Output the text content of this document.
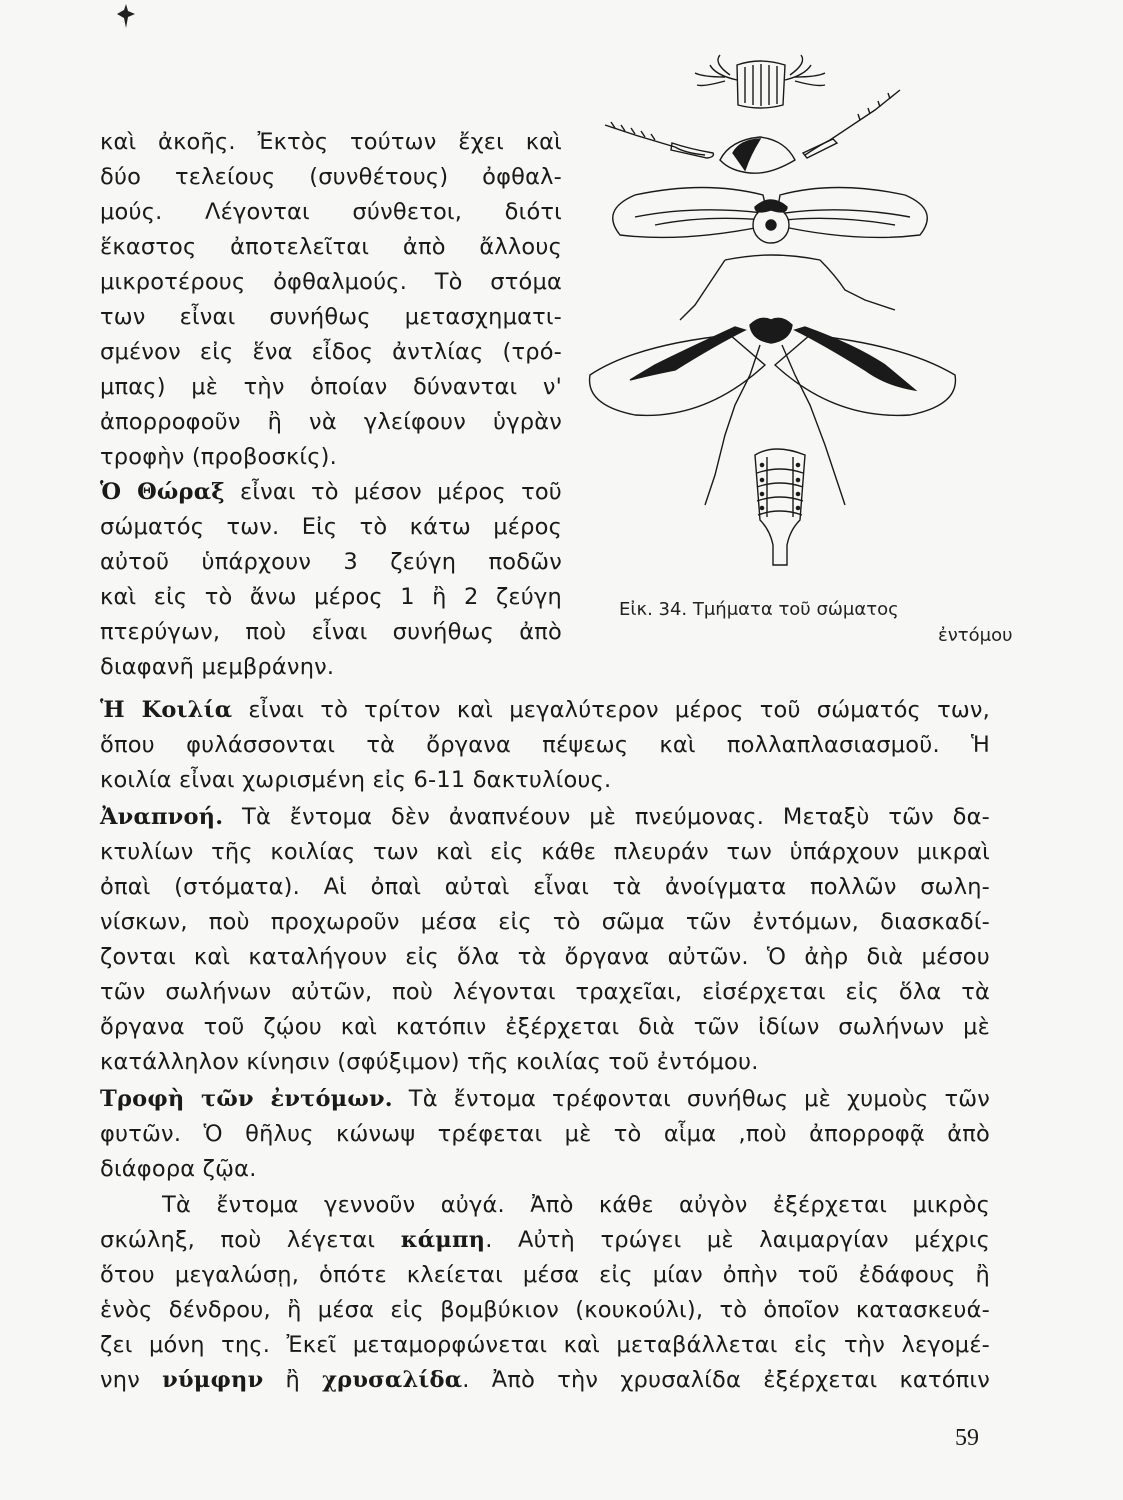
καὶ ἀκοῆς. Ἐκτὸς τούτων ἔχει καὶ
δύο τελείους (συνθέτους) ὀφθαλ-
μούς. Λέγονται σύνθετοι, διότι
ἕκαστος ἀποτελεῖται ἀπὸ ἄλλους
μικροτέρους ὀφθαλμούς. Τὸ στόμα
των εἶναι συνήθως μετασχηματι-
σμένον εἰς ἕνα εἶδος ἀντλίας (τρό-
μπας) μὲ τὴν ὁποίαν δύνανται ν'
ἀπορροφοῦν ἢ νὰ γλείφουν ὑγρὰν
τροφὴν (προβοσκίς).
Ὁ Θώραξ εἶναι τὸ μέσον μέρος τοῦ
σώματός των. Εἰς τὸ κάτω μέρος
αὐτοῦ ὑπάρχουν 3 ζεύγη ποδῶν
καὶ εἰς τὸ ἄνω μέρος 1 ἢ 2 ζεύγη
πτερύγων, ποὺ εἶναι συνήθως ἀπὸ
διαφανῆ μεμβράνην.
Εἰκ. 34. Τμήματα τοῦ σώματος
ἐντόμου
Ἡ Κοιλία εἶναι τὸ τρίτον καὶ μεγαλύτερον μέρος τοῦ σώματός των,
ὅπου φυλάσσονται τὰ ὄργανα πέψεως καὶ πολλαπλασιασμοῦ. Ἡ
κοιλία εἶναι χωρισμένη εἰς 6-11 δακτυλίους.
Ἀναπνοή. Τὰ ἔντομα δὲν ἀναπνέουν μὲ πνεύμονας. Μεταξὺ τῶν δα-
κτυλίων τῆς κοιλίας των καὶ εἰς κάθε πλευράν των ὑπάρχουν μικραὶ
ὀπαὶ (στόματα). Αἱ ὀπαὶ αὐταὶ εἶναι τὰ ἀνοίγματα πολλῶν σωλη-
νίσκων, ποὺ προχωροῦν μέσα εἰς τὸ σῶμα τῶν ἐντόμων, διασκαδί-
ζονται καὶ καταλήγουν εἰς ὅλα τὰ ὄργανα αὐτῶν. Ὁ ἀὴρ διὰ μέσου
τῶν σωλήνων αὐτῶν, ποὺ λέγονται τραχεῖαι, εἰσέρχεται εἰς ὅλα τὰ
ὄργανα τοῦ ζῴου καὶ κατόπιν ἐξέρχεται διὰ τῶν ἰδίων σωλήνων μὲ
κατάλληλον κίνησιν (σφύξιμον) τῆς κοιλίας τοῦ ἐντόμου.
Τροφὴ τῶν ἐντόμων. Τὰ ἔντομα τρέφονται συνήθως μὲ χυμοὺς τῶν
φυτῶν. Ὁ θῆλυς κώνωψ τρέφεται μὲ τὸ αἷμα ,ποὺ ἀπορροφᾷ ἀπὸ
διάφορα ζῷα.
Τὰ ἔντομα γεννοῦν αὐγά. Ἀπὸ κάθε αὐγὸν ἐξέρχεται μικρὸς
σκώληξ, ποὺ λέγεται κάμπη. Αὐτὴ τρώγει μὲ λαιμαργίαν μέχρις
ὅτου μεγαλώσῃ, ὁπότε κλείεται μέσα εἰς μίαν ὀπὴν τοῦ ἐδάφους ἢ
ἑνὸς δένδρου, ἢ μέσα εἰς βομβύκιον (κουκούλι), τὸ ὁποῖον κατασκευά-
ζει μόνη της. Ἐκεῖ μεταμορφώνεται καὶ μεταβάλλεται εἰς τὴν λεγομέ-
νην νύμφην ἢ χρυσαλίδα. Ἀπὸ τὴν χρυσαλίδα ἐξέρχεται κατόπιν
59
